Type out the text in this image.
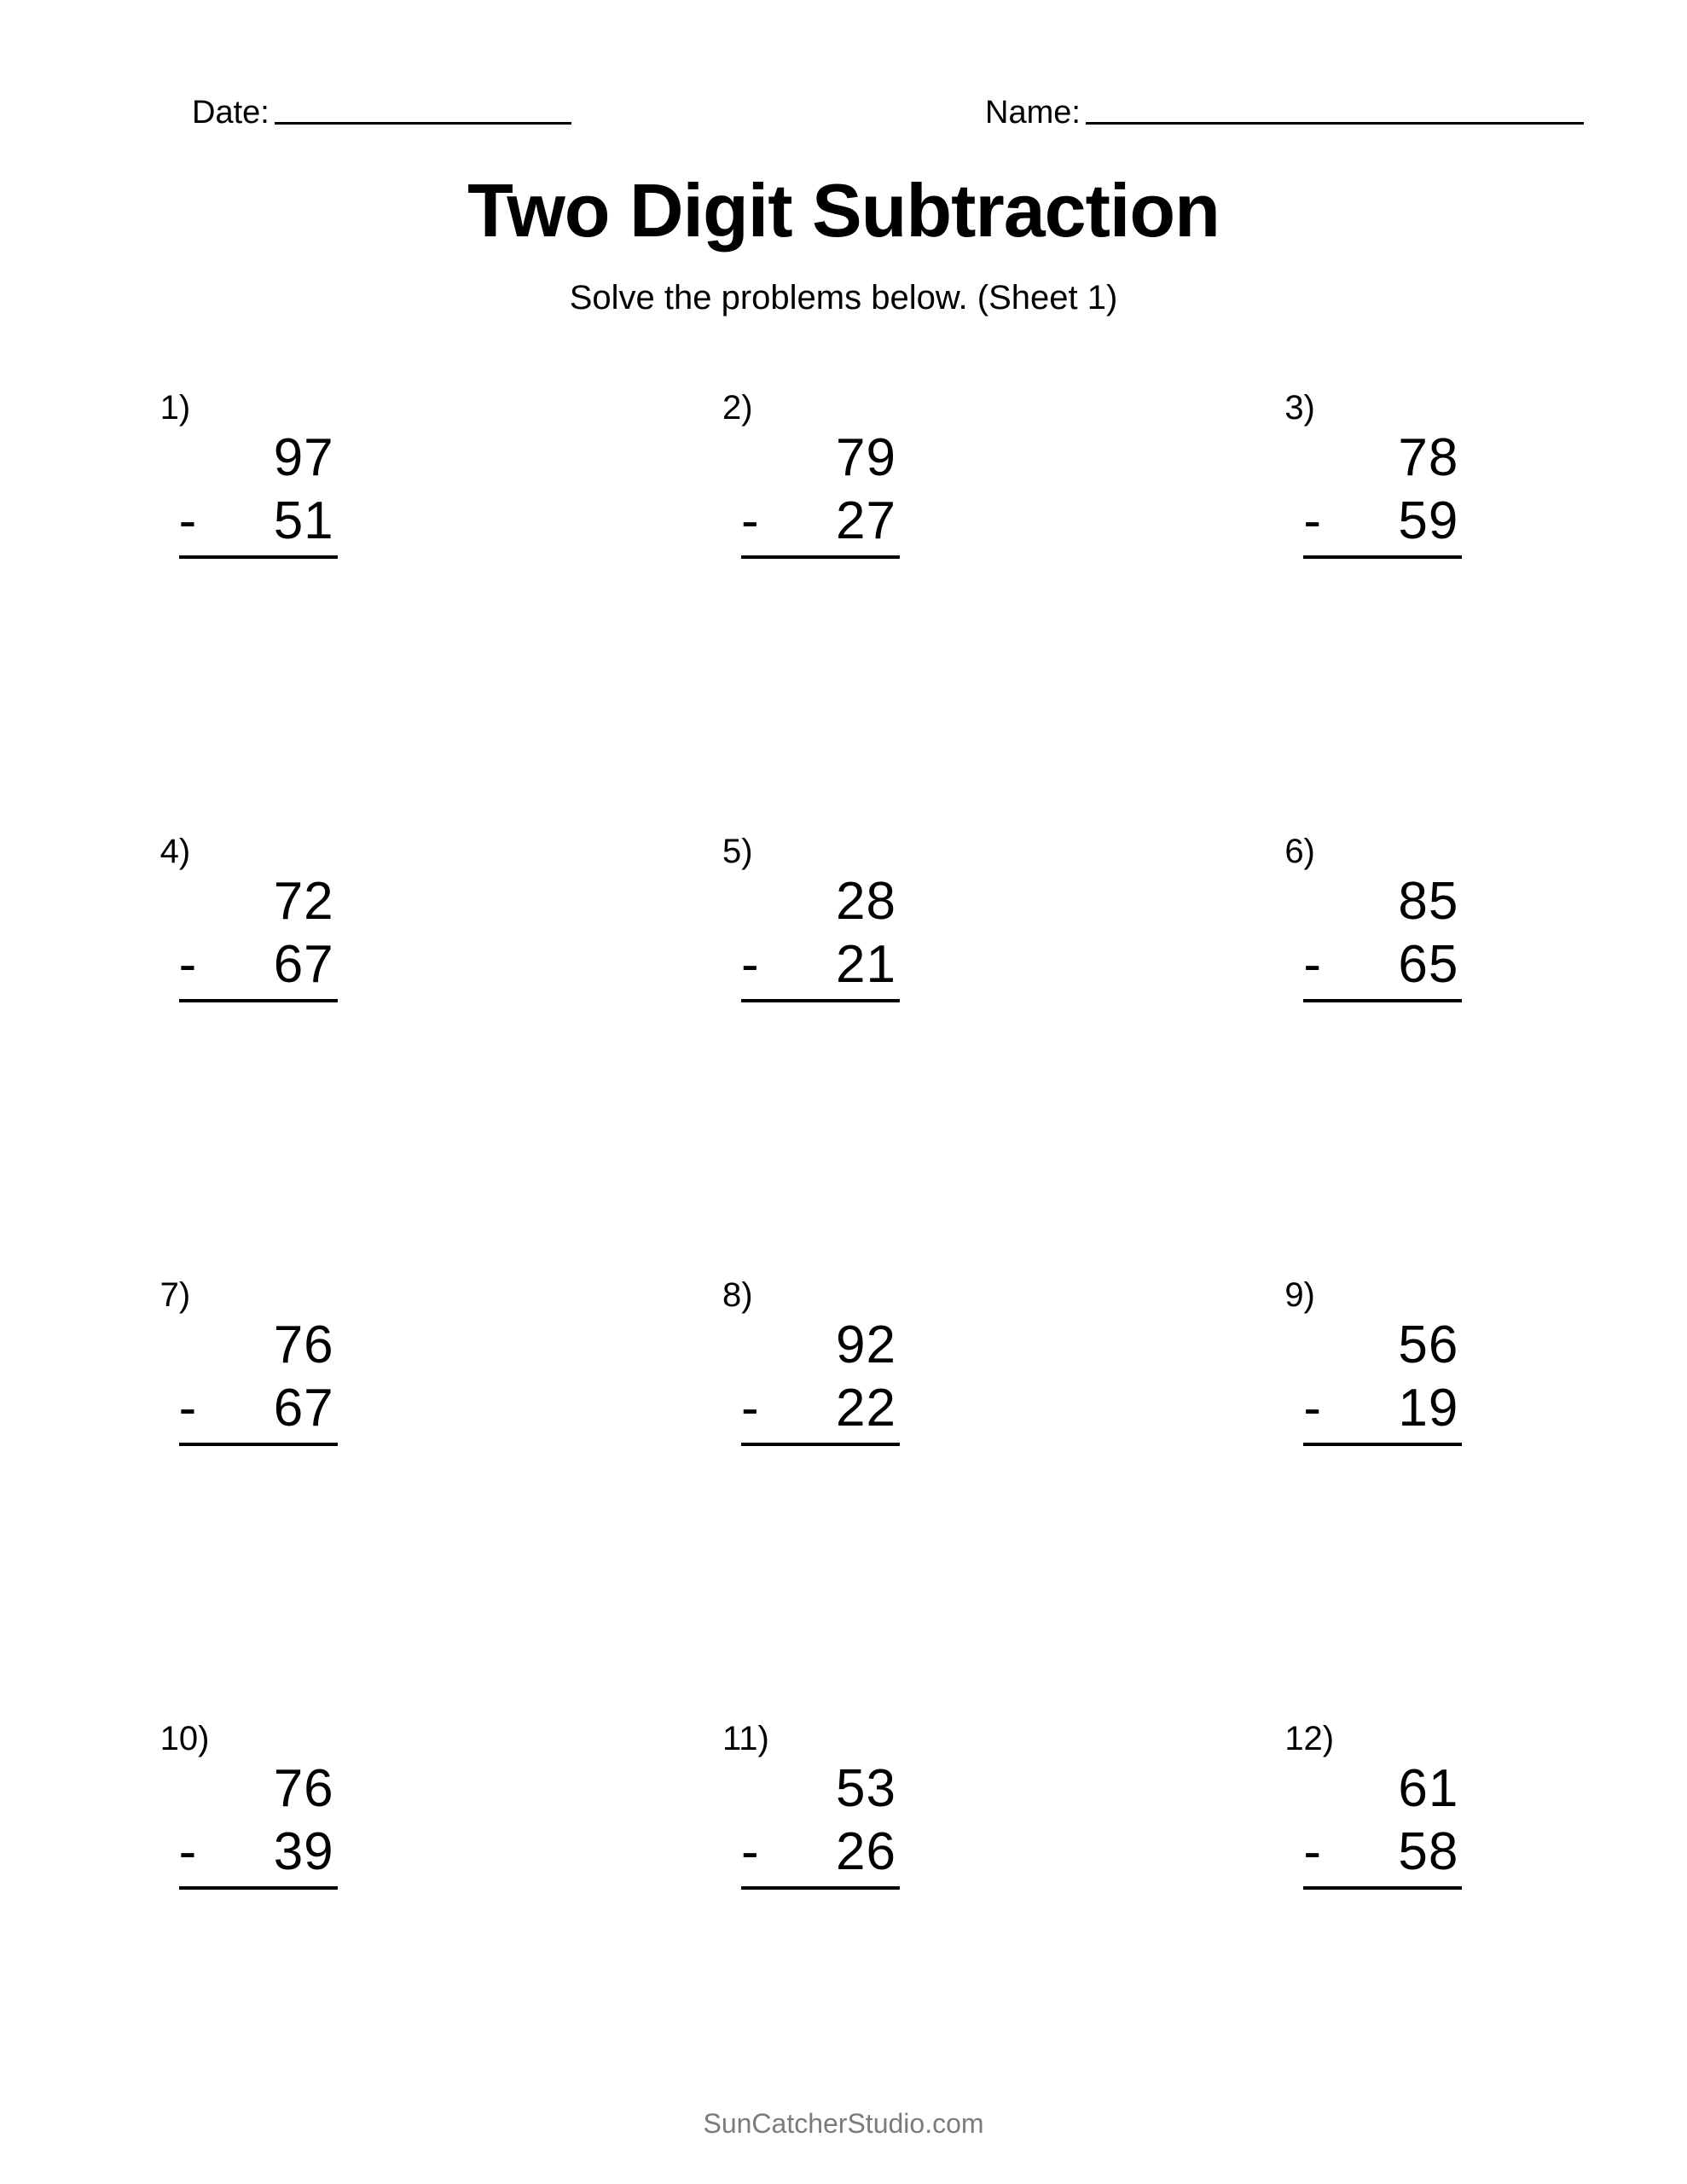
Date:	Name:
Two Digit Subtraction
Solve the problems below. (Sheet 1)
1)
97
- 51
2)
79
- 27
3)
78
- 59
4)
72
- 67
5)
28
- 21
6)
85
- 65
7)
76
- 67
8)
92
- 22
9)
56
- 19
10)
76
- 39
11)
53
- 26
12)
61
- 58
SunCatcherStudio.com
